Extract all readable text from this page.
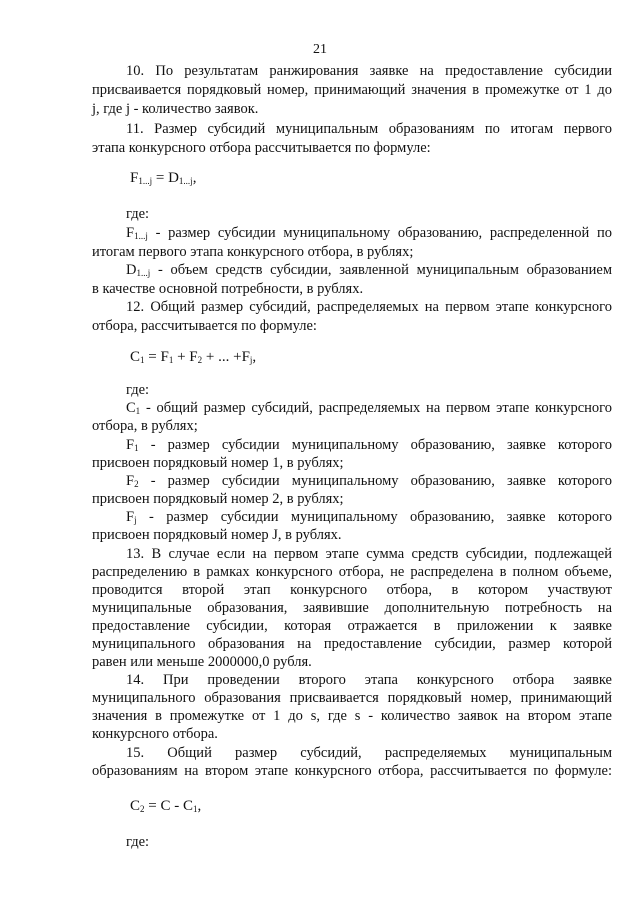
21
10. По результатам ранжирования заявке на предоставление субсидии
присваивается порядковый номер, принимающий значения в промежутке от 1 до
j, где j - количество заявок.
11. Размер субсидий муниципальным образованиям по итогам первого
этапа конкурсного отбора рассчитывается по формуле:
$F_{1...j} = D_{1...j}$,
где:
$F_{1...j}$ - размер субсидии муниципальному образованию, распределенной по
итогам первого этапа конкурсного отбора, в рублях;
$D_{1...j}$ - объем средств субсидии, заявленной муниципальным образованием
в качестве основной потребности, в рублях.
12. Общий размер субсидий, распределяемых на первом этапе конкурсного
отбора, рассчитывается по формуле:
$C_1 = F_1 + F_2$ + ... $+F_j$,
где:
$C_1$ - общий размер субсидий, распределяемых на первом этапе конкурсного
отбора, в рублях;
$F_1$ - размер субсидии муниципальному образованию, заявке которого
присвоен порядковый номер 1, в рублях;
$F_2$ - размер субсидии муниципальному образованию, заявке которого
присвоен порядковый номер 2, в рублях;
$F_j$ - размер субсидии муниципальному образованию, заявке которого
присвоен порядковый номер J, в рублях.
13. В случае если на первом этапе сумма средств субсидии, подлежащей
распределению в рамках конкурсного отбора, не распределена в полном объеме,
проводится второй этап конкурсного отбора, в котором участвуют
муниципальные образования, заявившие дополнительную потребность на
предоставление субсидии, которая отражается в приложении к заявке
муниципального образования на предоставление субсидии, размер которой
равен или меньше 2000000,0 рубля.
14. При проведении второго этапа конкурсного отбора заявке
муниципального образования присваивается порядковый номер, принимающий
значения в промежутке от 1 до s, где s - количество заявок на втором этапе
конкурсного отбора.
15. Общий размер субсидий, распределяемых муниципальным
образованиям на втором этапе конкурсного отбора, рассчитывается по формуле:
$C_2 = C - C_1$,
где:
